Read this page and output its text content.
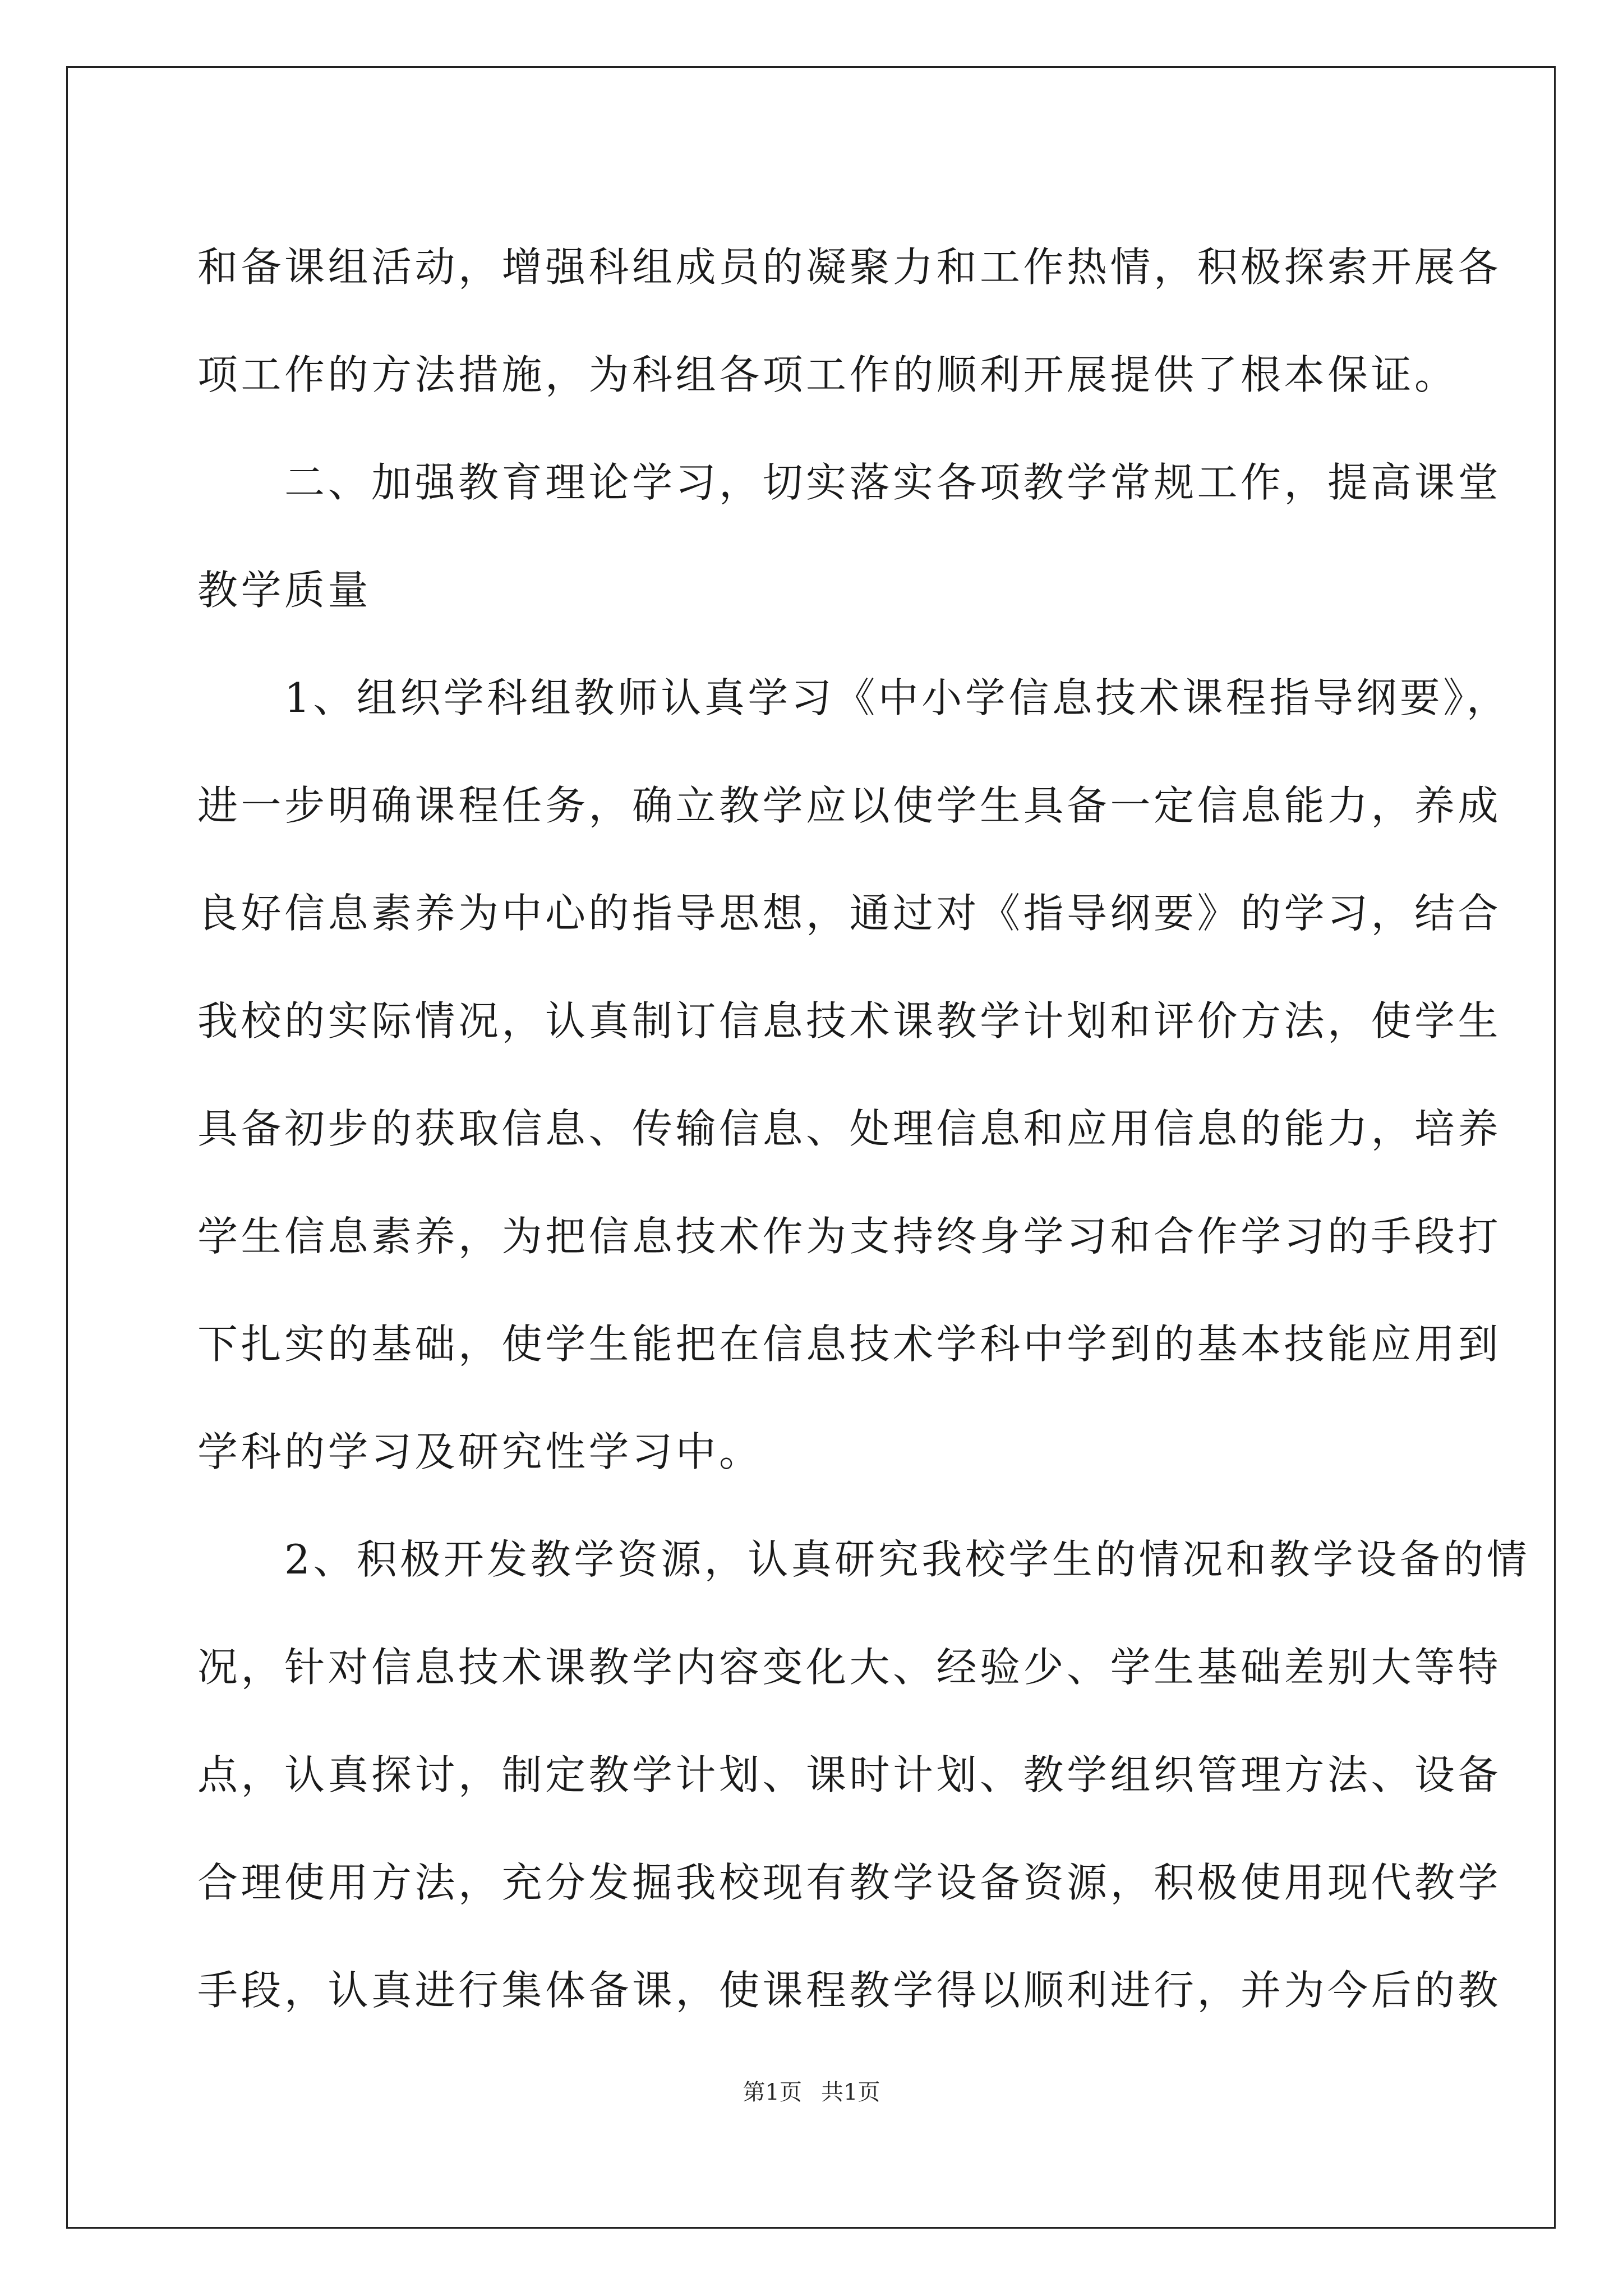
和备课组活动，增强科组成员的凝聚力和工作热情，积极探索开展各
项工作的方法措施，为科组各项工作的顺利开展提供了根本保证。
　　二、加强教育理论学习，切实落实各项教学常规工作，提高课堂
教学质量
　　1、组织学科组教师认真学习《中小学信息技术课程指导纲要》，
进一步明确课程任务，确立教学应以使学生具备一定信息能力，养成
良好信息素养为中心的指导思想，通过对《指导纲要》的学习，结合
我校的实际情况，认真制订信息技术课教学计划和评价方法，使学生
具备初步的获取信息、传输信息、处理信息和应用信息的能力，培养
学生信息素养，为把信息技术作为支持终身学习和合作学习的手段打
下扎实的基础，使学生能把在信息技术学科中学到的基本技能应用到
学科的学习及研究性学习中。
　　2、积极开发教学资源，认真研究我校学生的情况和教学设备的情
况，针对信息技术课教学内容变化大、经验少、学生基础差别大等特
点，认真探讨，制定教学计划、课时计划、教学组织管理方法、设备
合理使用方法，充分发掘我校现有教学设备资源，积极使用现代教学
手段，认真进行集体备课，使课程教学得以顺利进行，并为今后的教
第1页 共1页
